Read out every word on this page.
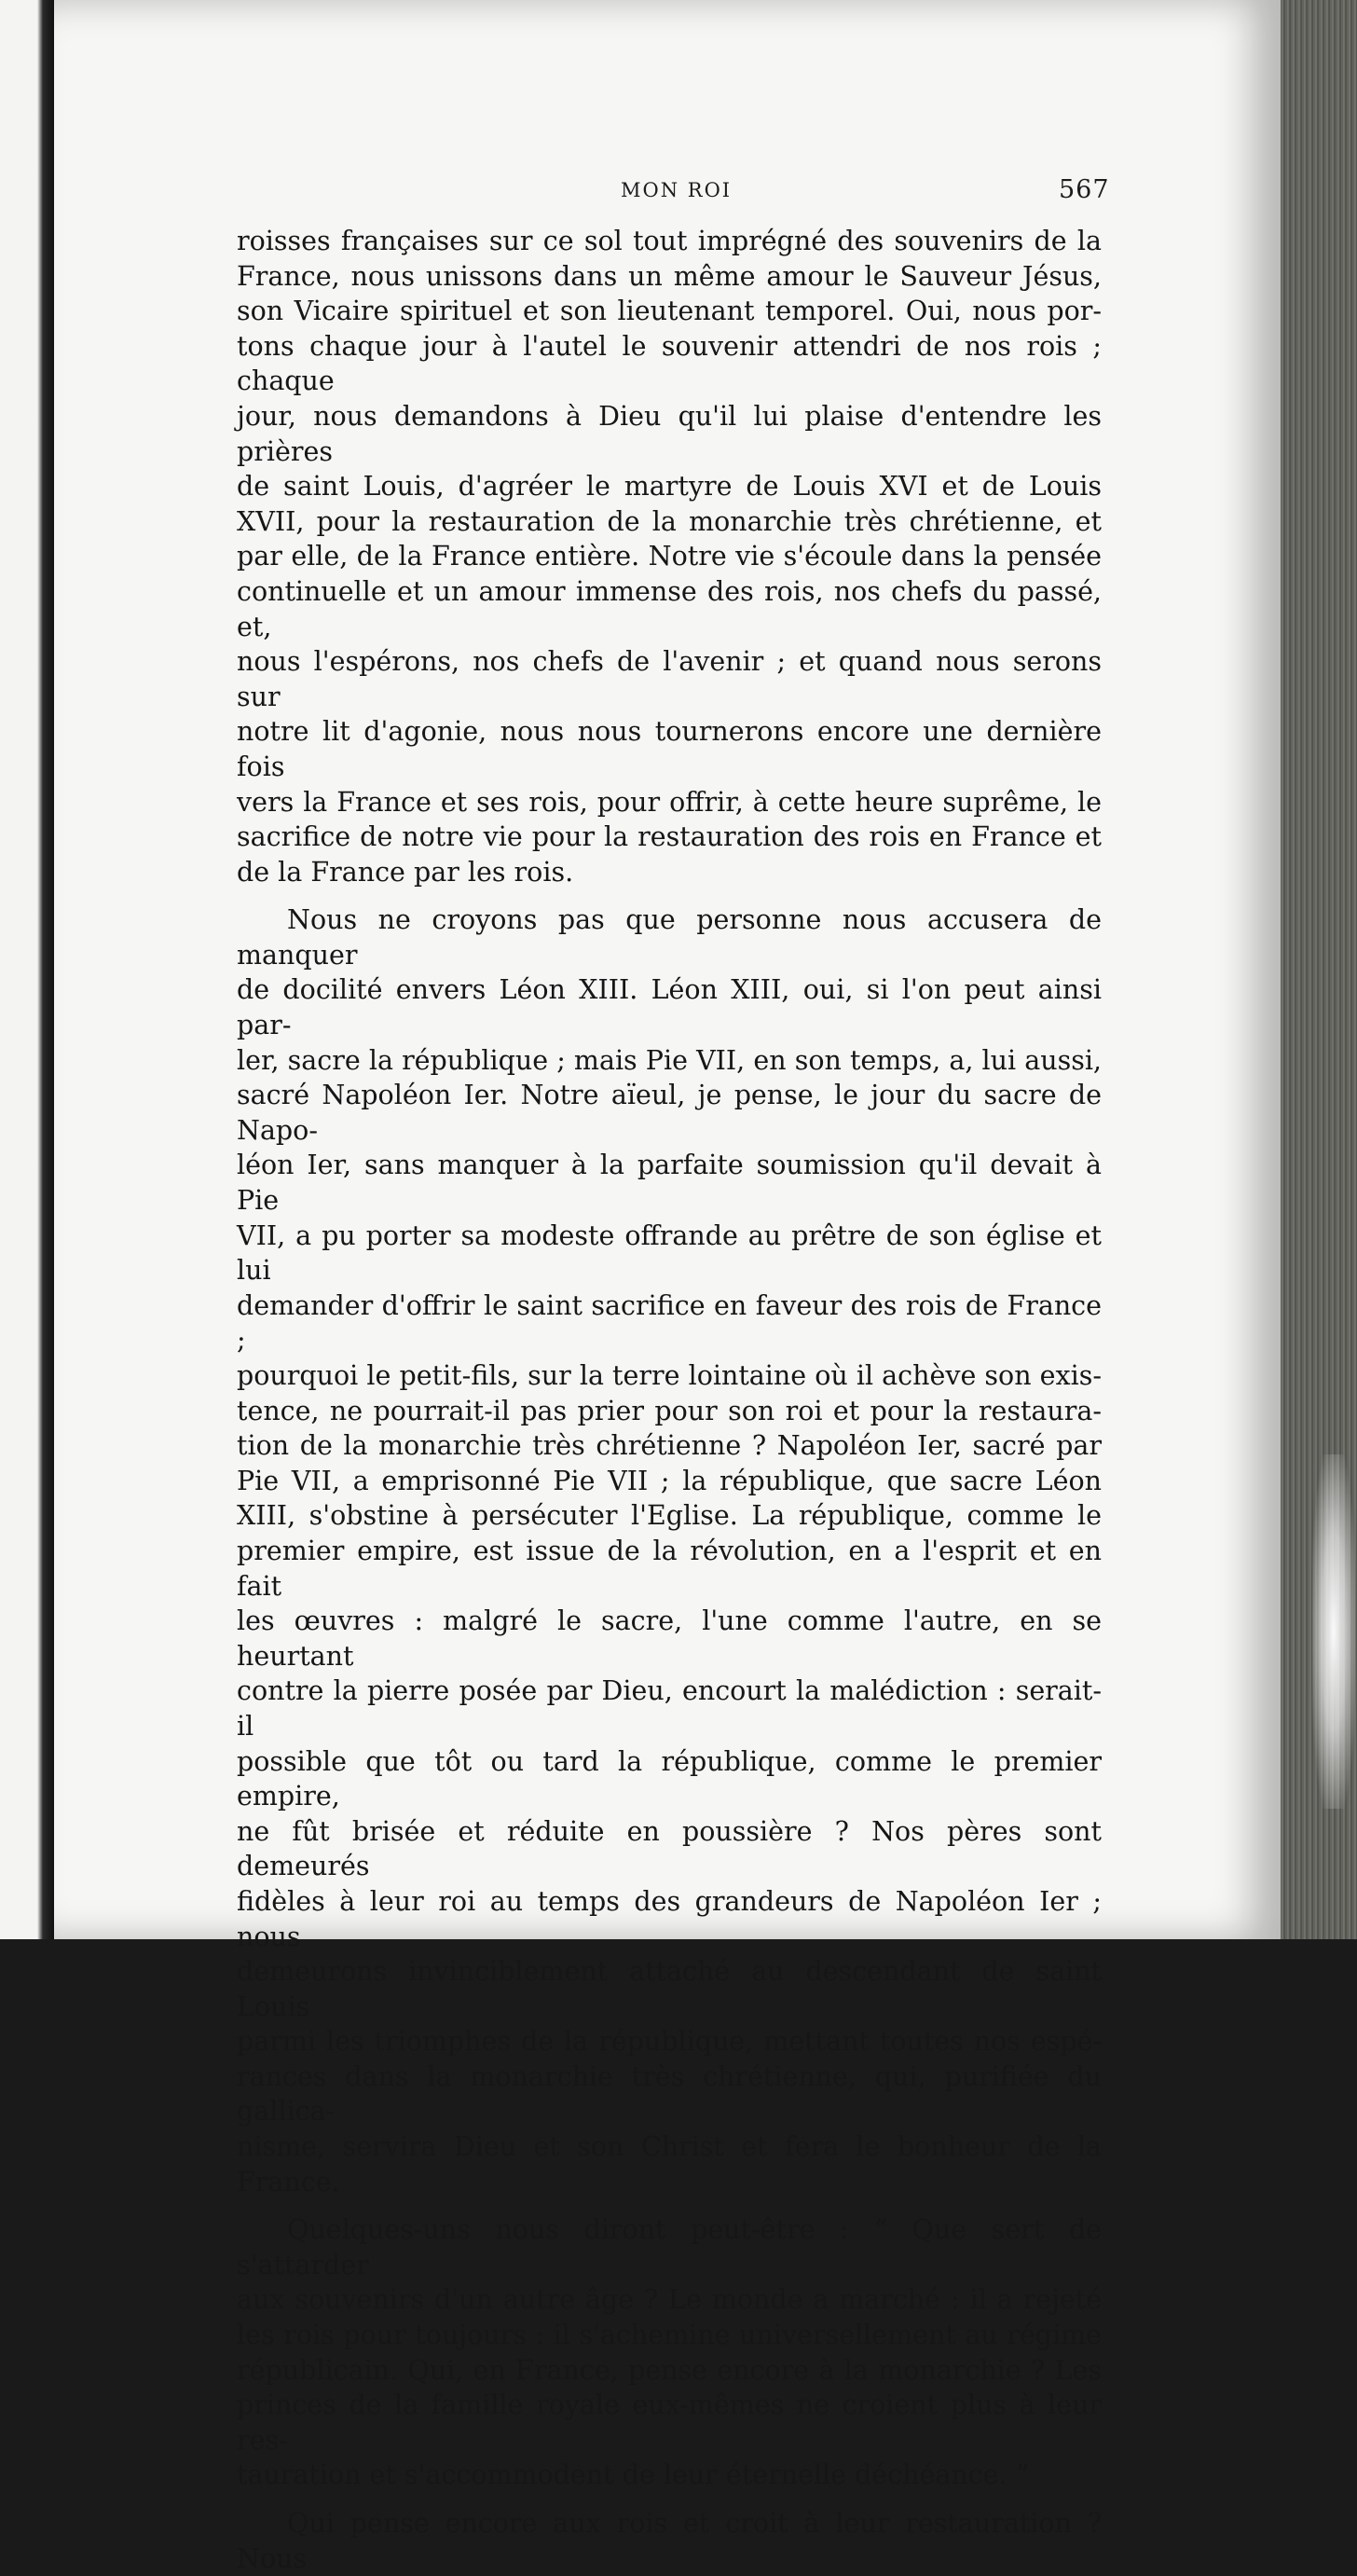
MON ROI	567

roisses françaises sur ce sol tout imprégné des souvenirs de la
France, nous unissons dans un même amour le Sauveur Jésus,
son Vicaire spirituel et son lieutenant temporel. Oui, nous por-
tons chaque jour à l'autel le souvenir attendri de nos rois ; chaque
jour, nous demandons à Dieu qu'il lui plaise d'entendre les prières
de saint Louis, d'agréer le martyre de Louis XVI et de Louis
XVII, pour la restauration de la monarchie très chrétienne, et
par elle, de la France entière. Notre vie s'écoule dans la pensée
continuelle et un amour immense des rois, nos chefs du passé, et,
nous l'espérons, nos chefs de l'avenir ; et quand nous serons sur
notre lit d'agonie, nous nous tournerons encore une dernière fois
vers la France et ses rois, pour offrir, à cette heure suprême, le
sacrifice de notre vie pour la restauration des rois en France et
de la France par les rois.

Nous ne croyons pas que personne nous accusera de manquer
de docilité envers Léon XIII. Léon XIII, oui, si l'on peut ainsi par-
ler, sacre la république ; mais Pie VII, en son temps, a, lui aussi,
sacré Napoléon Ier. Notre aïeul, je pense, le jour du sacre de Napo-
léon Ier, sans manquer à la parfaite soumission qu'il devait à Pie
VII, a pu porter sa modeste offrande au prêtre de son église et lui
demander d'offrir le saint sacrifice en faveur des rois de France ;
pourquoi le petit-fils, sur la terre lointaine où il achève son exis-
tence, ne pourrait-il pas prier pour son roi et pour la restaura-
tion de la monarchie très chrétienne ? Napoléon Ier, sacré par
Pie VII, a emprisonné Pie VII ; la république, que sacre Léon
XIII, s'obstine à persécuter l'Eglise. La république, comme le
premier empire, est issue de la révolution, en a l'esprit et en fait
les œuvres : malgré le sacre, l'une comme l'autre, en se heurtant
contre la pierre posée par Dieu, encourt la malédiction : serait-il
possible que tôt ou tard la république, comme le premier empire,
ne fût brisée et réduite en poussière ? Nos pères sont demeurés
fidèles à leur roi au temps des grandeurs de Napoléon Ier ; nous
demeurons invinciblement attaché au descendant de saint Louis
parmi les triomphes de la république, mettant toutes nos espé-
rances dans la monarchie très chrétienne, qui, purifiée du gallica-
nisme, servira Dieu et son Christ et fera le bonheur de la France.

Quelques-uns nous diront peut-être : “ Que sert de s'attarder
aux souvenirs d'un autre âge ? Le monde a marché : il a rejeté
les rois pour toujours : il s'achemine universellement au régime
républicain. Qui, en France, pense encore à la monarchie ? Les
princes de la famille royale eux-mêmes ne croient plus à leur res-
tauration et s'accommodent de leur éternelle déchéance. ”

Qui pense encore aux rois et croit à leur restauration ? Nous
